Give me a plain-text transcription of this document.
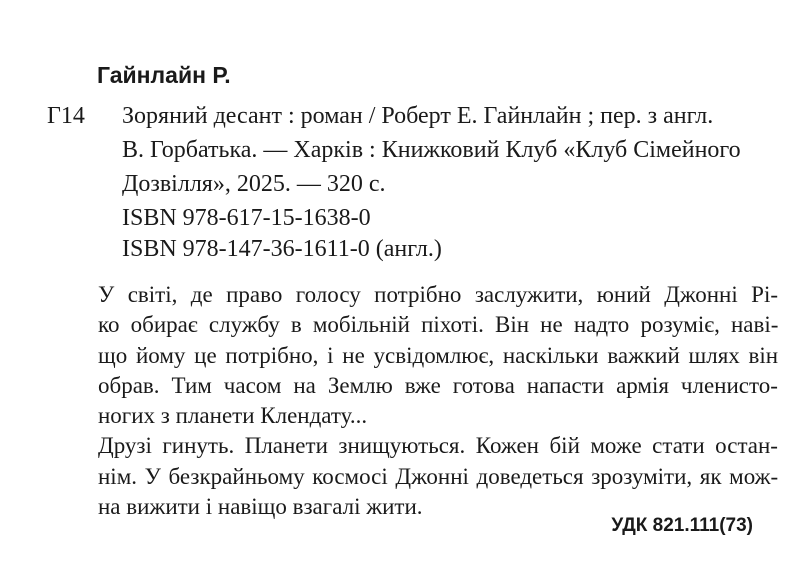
Гайнлайн Р.
Г14 Зоряний десант : роман / Роберт Е. Гайнлайн ; пер. з англ.
В. Горбатька. — Харків : Книжковий Клуб «Клуб Сімейного
Дозвілля», 2025. — 320 с.
ISBN 978-617-15-1638-0
ISBN 978-147-36-1611-0 (англ.)
У світі, де право голосу потрібно заслужити, юний Джонні Рі-
ко обирає службу в мобільній піхоті. Він не надто розуміє, наві-
що йому це потрібно, і не усвідомлює, наскільки важкий шлях він
обрав. Тим часом на Землю вже готова напасти армія членисто-
ногих з планети Клендату...
Друзі гинуть. Планети знищуються. Кожен бій може стати остан-
нім. У безкрайньому космосі Джонні доведеться зрозуміти, як мож-
на вижити і навіщо взагалі жити.
УДК 821.111(73)
